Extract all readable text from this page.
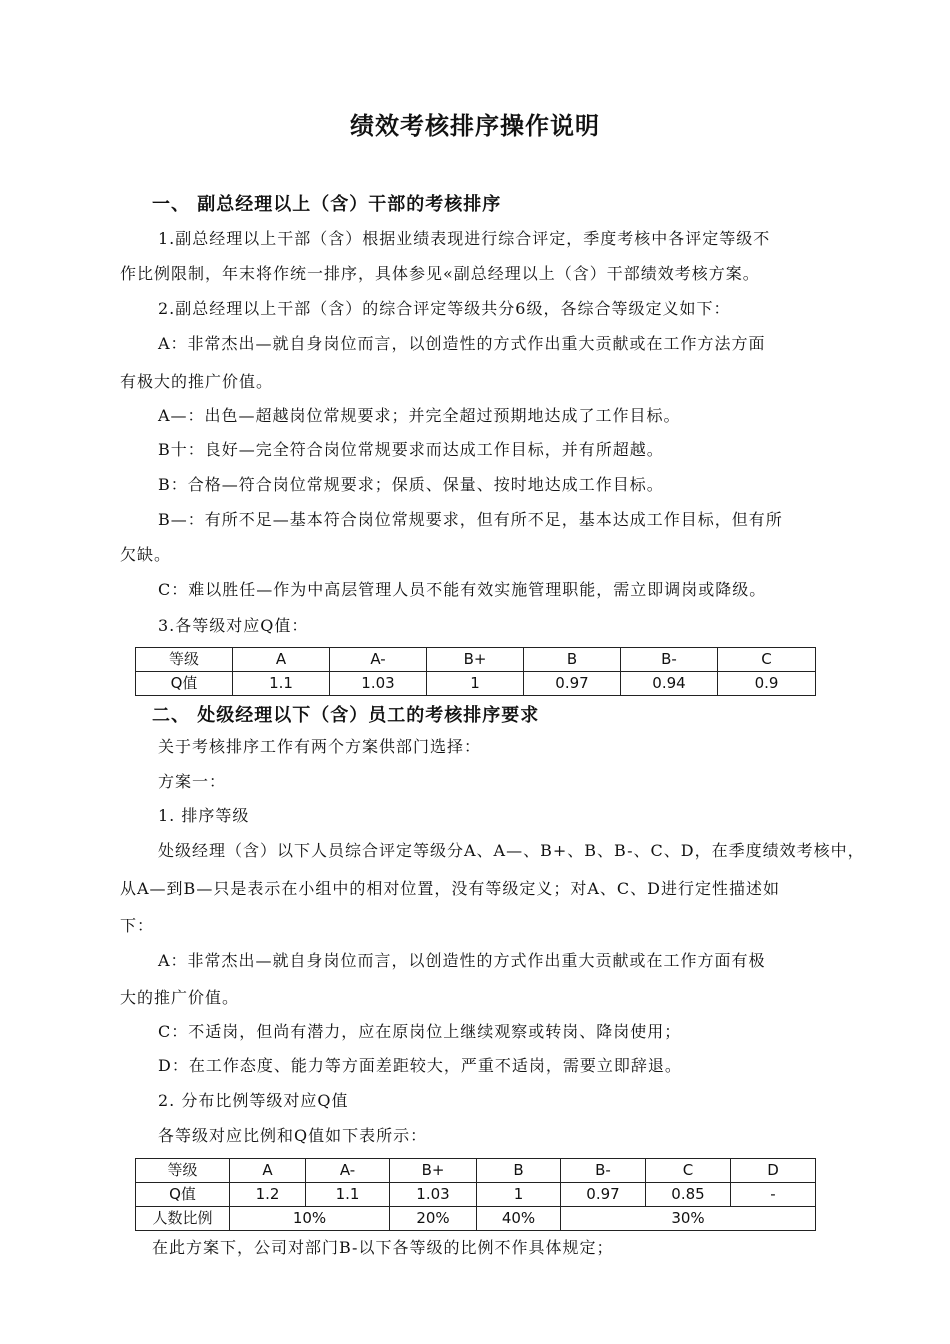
绩效考核排序操作说明
一、 副总经理以上（含）干部的考核排序
1.副总经理以上干部（含）根据业绩表现进行综合评定，季度考核中各评定等级不
作比例限制，年末将作统一排序，具体参见«副总经理以上（含）干部绩效考核方案。
2.副总经理以上干部（含）的综合评定等级共分6级，各综合等级定义如下：
A：非常杰出—就自身岗位而言，以创造性的方式作出重大贡献或在工作方法方面
有极大的推广价值。
A—：出色—超越岗位常规要求；并完全超过预期地达成了工作目标。
B十：良好—完全符合岗位常规要求而达成工作目标，并有所超越。
B：合格—符合岗位常规要求；保质、保量、按时地达成工作目标。
B—：有所不足—基本符合岗位常规要求，但有所不足，基本达成工作目标，但有所
欠缺。
C：难以胜任—作为中高层管理人员不能有效实施管理职能，需立即调岗或降级。
3.各等级对应Q值：
等级	A	A-	B+	B	B-	C
Q值	1.1	1.03	1	0.97	0.94	0.9
二、 处级经理以下（含）员工的考核排序要求
关于考核排序工作有两个方案供部门选择：
方案一：
1. 排序等级
处级经理（含）以下人员综合评定等级分A、A—、B+、B、B-、C、D，在季度绩效考核中，
从A—到B—只是表示在小组中的相对位置，没有等级定义；对A、C、D进行定性描述如
下：
A：非常杰出—就自身岗位而言，以创造性的方式作出重大贡献或在工作方面有极
大的推广价值。
C：不适岗，但尚有潜力，应在原岗位上继续观察或转岗、降岗使用；
D：在工作态度、能力等方面差距较大，严重不适岗，需要立即辞退。
2. 分布比例等级对应Q值
各等级对应比例和Q值如下表所示：
等级	A	A-	B+	B	B-	C	D
Q值	1.2	1.1	1.03	1	0.97	0.85	-
人数比例	10%		20%	40%	30%		
在此方案下，公司对部门B-以下各等级的比例不作具体规定；
